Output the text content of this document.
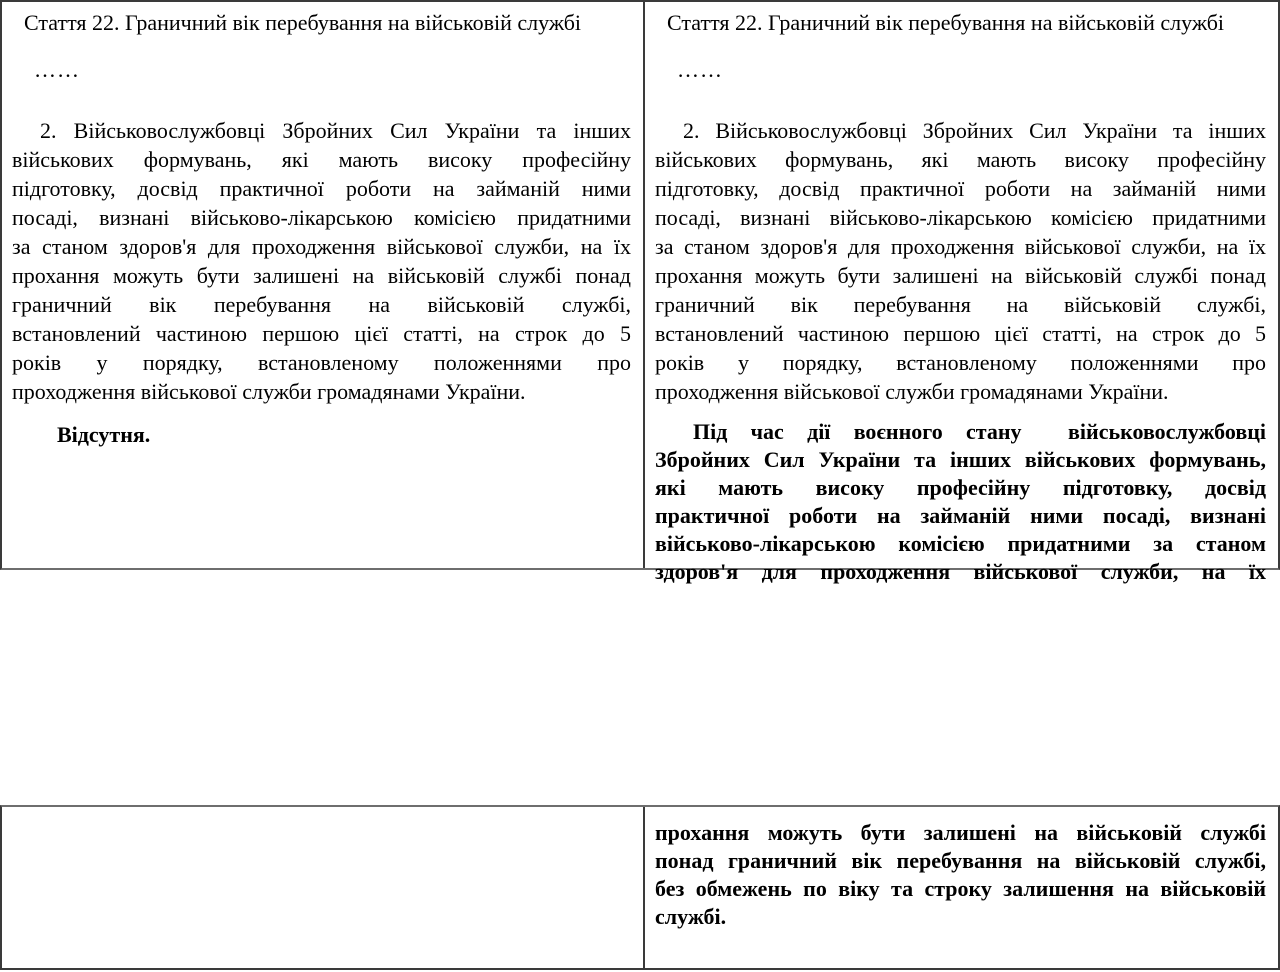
Стаття 22. Граничний вік перебування на військовій службі
……
2. Військовослужбовці Збройних Сил України та інших
військових формувань, які мають високу професійну
підготовку, досвід практичної роботи на займаній ними
посаді, визнані військово-лікарською комісією придатними
за станом здоров'я для проходження військової служби, на їх
прохання можуть бути залишені на військовій службі понад
граничний вік перебування на військовій службі,
встановлений частиною першою цієї статті, на строк до 5
років у порядку, встановленому положеннями про
проходження військової служби громадянами України.
Відсутня.
Стаття 22. Граничний вік перебування на військовій службі
……
2. Військовослужбовці Збройних Сил України та інших
військових формувань, які мають високу професійну
підготовку, досвід практичної роботи на займаній ними
посаді, визнані військово-лікарською комісією придатними
за станом здоров'я для проходження військової служби, на їх
прохання можуть бути залишені на військовій службі понад
граничний вік перебування на військовій службі,
встановлений частиною першою цієї статті, на строк до 5
років у порядку, встановленому положеннями про
проходження військової служби громадянами України.
Під час дії воєнного стану  військовослужбовці
Збройних Сил України та інших військових формувань,
які мають високу професійну підготовку, досвід
практичної роботи на займаній ними посаді, визнані
військово-лікарською комісією придатними за станом
здоров'я для проходження військової служби, на їх
прохання можуть бути залишені на військовій службі
понад граничний вік перебування на військовій службі,
без обмежень по віку та строку залишення на військовій
службі.
